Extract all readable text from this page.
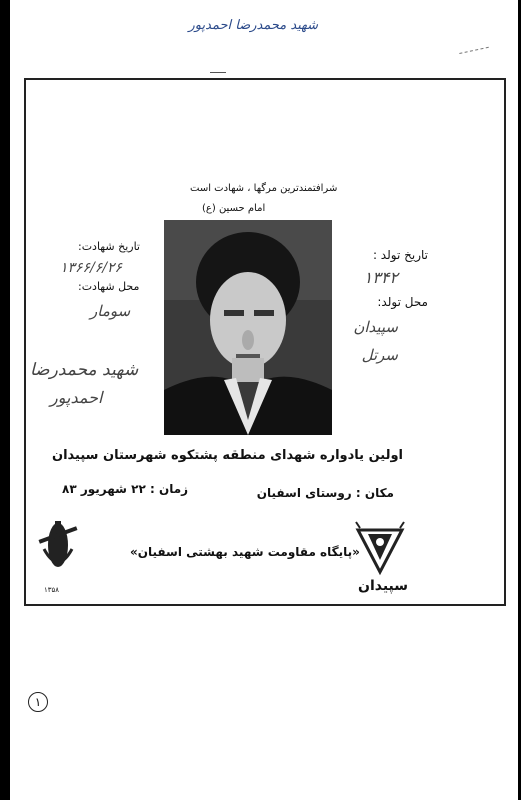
شهید محمدرضا احمدپور
شرافتمندترین مرگها ، شهادت است
امام حسین (ع)
تاریخ تولد :
۱۳۴۲
محل تولد:
سپیدان
سرتل
تاریخ شهادت:
۱۳۶۶/۶/۲۶
محل شهادت:
سومار
شهید محمدرضا
احمدپور
اولین یادواره شهدای منطقه پشتکوه شهرستان سپیدان
مکان : روستای اسفیان
زمان : ۲۲ شهریور ۸۳
۱۳۵۸
«پایگاه مقاومت شهید بهشتی اسفیان»
سپیدان
۱
